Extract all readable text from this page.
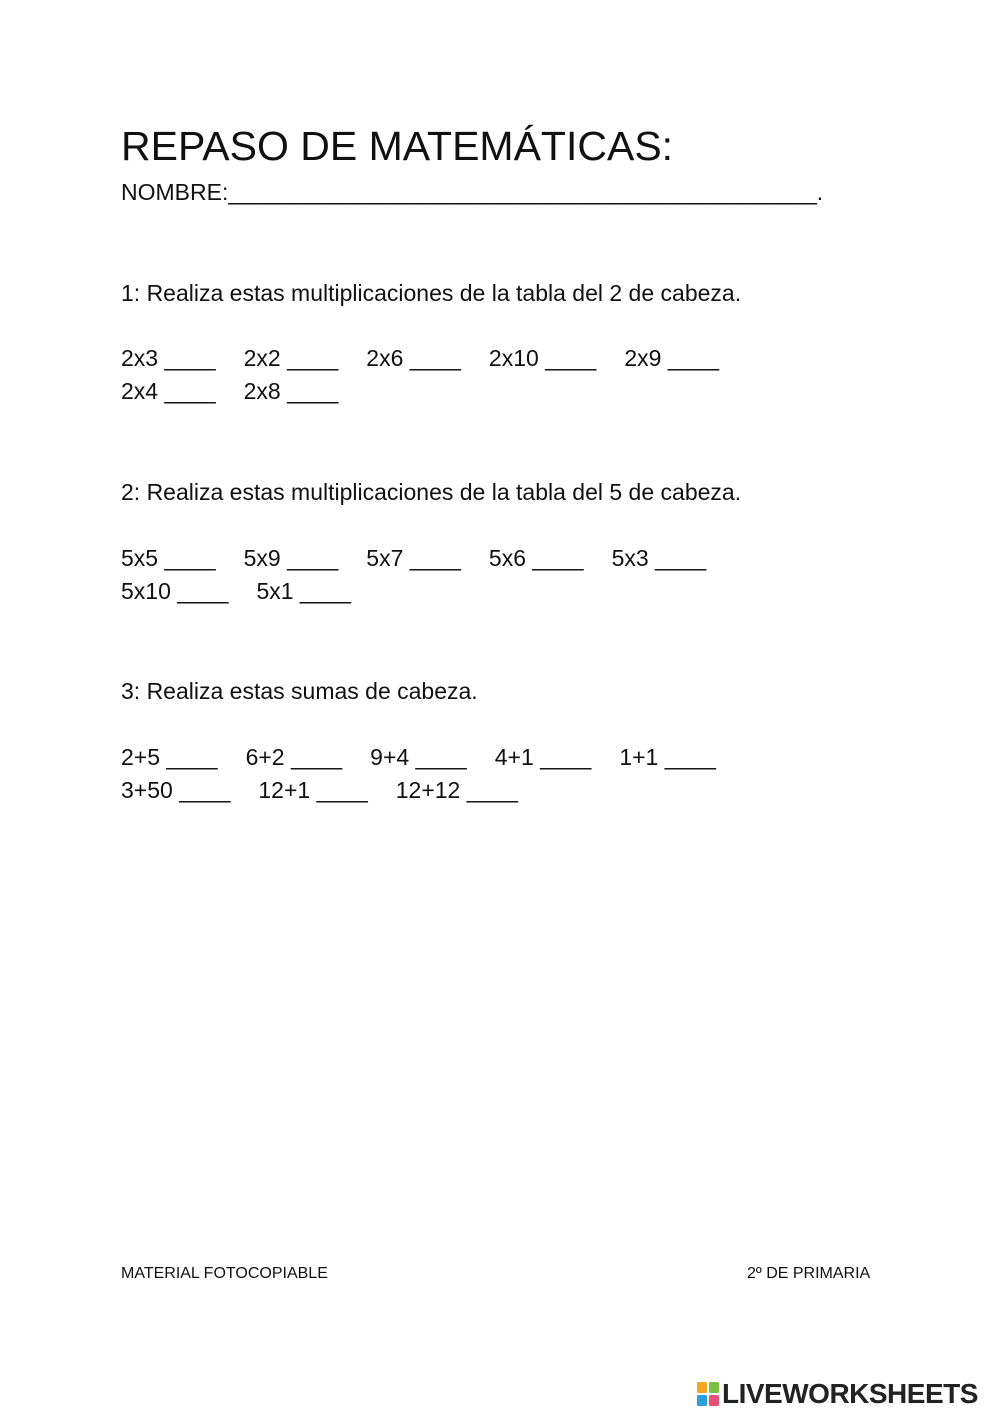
REPASO DE MATEMÁTICAS:
NOMBRE:______________________________________________.
1: Realiza estas multiplicaciones de la tabla del 2 de cabeza.
2x3 ____ 2x2 ____ 2x6 ____ 2x10 ____ 2x9 ____
2x4 ____ 2x8 ____
2: Realiza estas multiplicaciones de la tabla del 5 de cabeza.
5x5 ____ 5x9 ____ 5x7 ____ 5x6 ____ 5x3 ____
5x10 ____ 5x1 ____
3: Realiza estas sumas de cabeza.
2+5 ____ 6+2 ____ 9+4 ____ 4+1 ____ 1+1 ____
3+50 ____ 12+1 ____ 12+12 ____
MATERIAL FOTOCOPIABLE	2º DE PRIMARIA
LIVEWORKSHEETS
